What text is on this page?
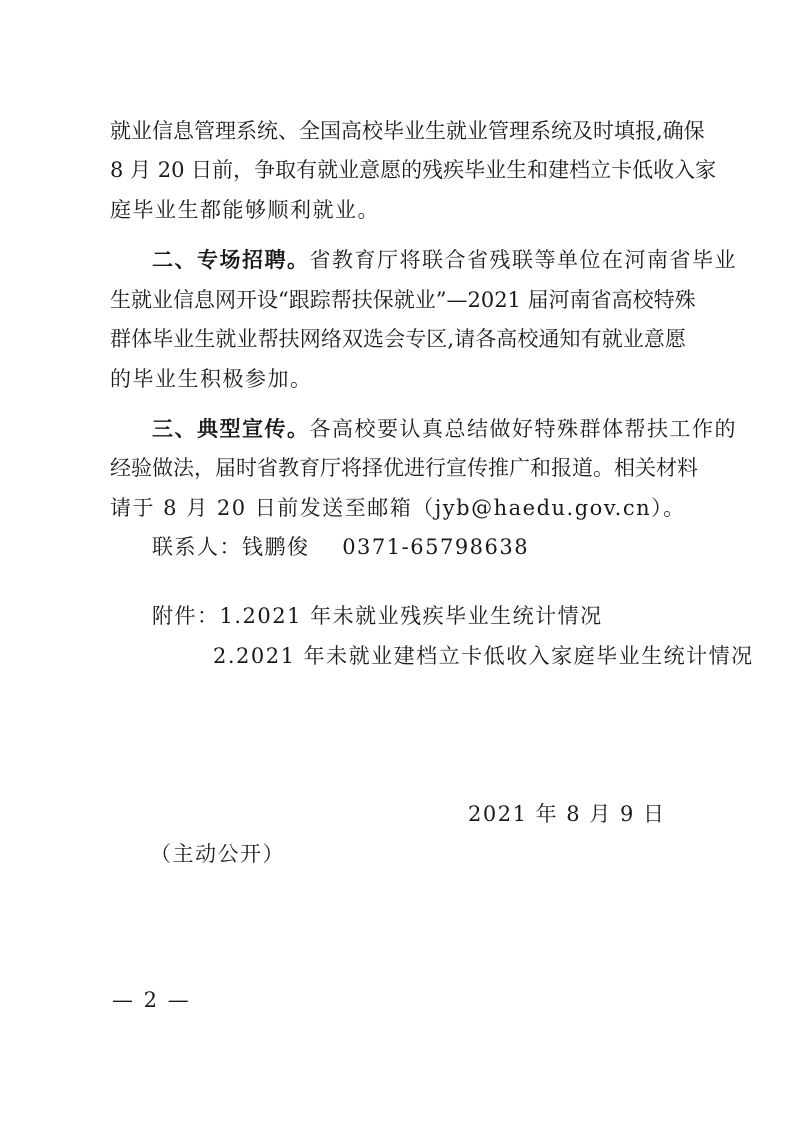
就业信息管理系统、全国高校毕业生就业管理系统及时填报,确保
8 月 20 日前，争取有就业意愿的残疾毕业生和建档立卡低收入家
庭毕业生都能够顺利就业。
二、专场招聘。省教育厅将联合省残联等单位在河南省毕业
生就业信息网开设“跟踪帮扶保就业”—2021 届河南省高校特殊
群体毕业生就业帮扶网络双选会专区,请各高校通知有就业意愿
的毕业生积极参加。
三、典型宣传。各高校要认真总结做好特殊群体帮扶工作的
经验做法，届时省教育厅将择优进行宣传推广和报道。相关材料
请于 8 月 20 日前发送至邮箱（jyb@haedu.gov.cn）。
联系人：钱鹏俊    0371-65798638
附件：1.2021 年未就业残疾毕业生统计情况
2.2021 年未就业建档立卡低收入家庭毕业生统计情况
2021 年 8 月 9 日
（主动公开）
— 2 —
